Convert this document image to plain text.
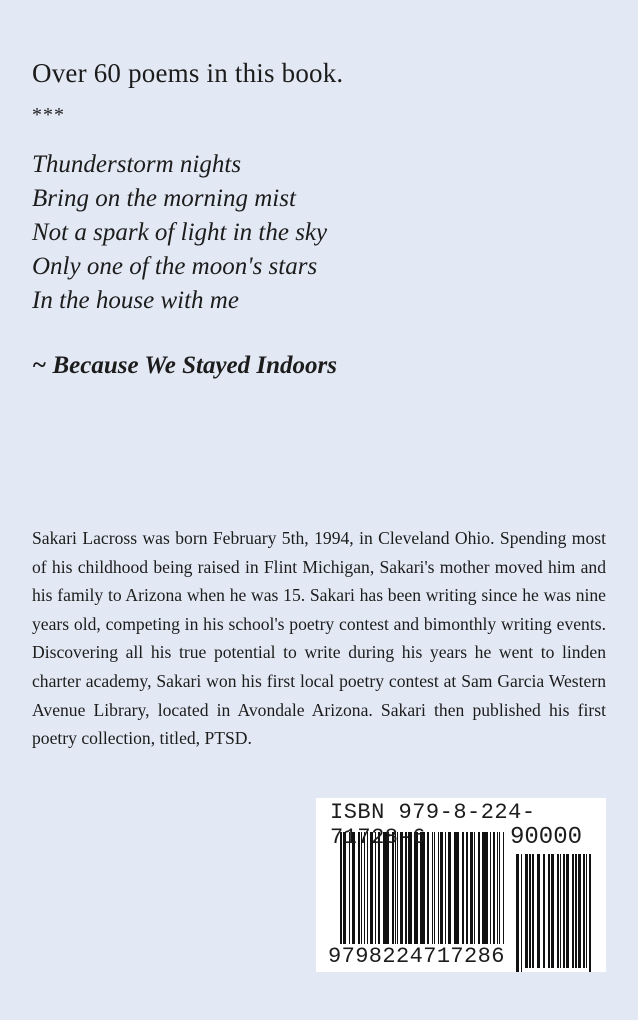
Over 60 poems in this book.
***
Thunderstorm nights
Bring on the morning mist
Not a spark of light in the sky
Only one of the moon's stars
In the house with me
~ Because We Stayed Indoors
Sakari Lacross was born February 5th, 1994, in Cleveland Ohio. Spending most of his childhood being raised in Flint Michigan, Sakari's mother moved him and his family to Arizona when he was 15. Sakari has been writing since he was nine years old, competing in his school's poetry contest and bimonthly writing events. Discovering all his true potential to write during his years he went to linden charter academy, Sakari won his first local poetry contest at Sam Garcia Western Avenue Library, located in Avondale Arizona. Sakari then published his first poetry collection, titled, PTSD.
ISBN 979-8-224-71728-6	90000
9798224717286
